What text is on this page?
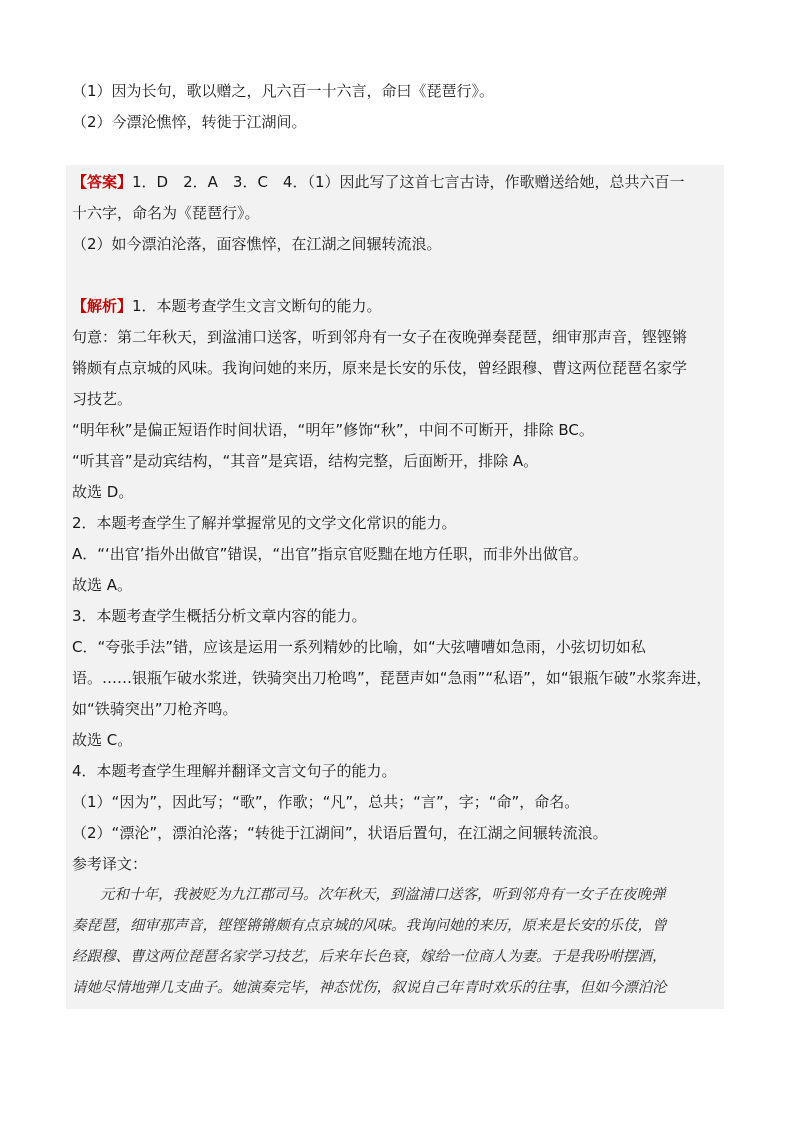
（1）因为长句，歌以赠之，凡六百一十六言，命曰《琵琶行》。
（2）今漂沦憔悴，转徙于江湖间。
【答案】1．D　2．A　3．C　4．（1）因此写了这首七言古诗，作歌赠送给她，总共六百一
十六字，命名为《琵琶行》。
（2）如今漂泊沦落，面容憔悴，在江湖之间辗转流浪。
【解析】1．本题考查学生文言文断句的能力。
句意：第二年秋天，到湓浦口送客，听到邻舟有一女子在夜晚弹奏琵琶，细审那声音，铿铿锵
锵颇有点京城的风味。我询问她的来历，原来是长安的乐伎，曾经跟穆、曹这两位琵琶名家学
习技艺。
“明年秋”是偏正短语作时间状语，“明年”修饰“秋”，中间不可断开，排除 BC。
“听其音”是动宾结构，“其音”是宾语，结构完整，后面断开，排除 A。
故选 D。
2．本题考查学生了解并掌握常见的文学文化常识的能力。
A．“‘出官’指外出做官”错误，“出官”指京官贬黜在地方任职，而非外出做官。
故选 A。
3．本题考查学生概括分析文章内容的能力。
C．“夸张手法”错，应该是运用一系列精妙的比喻，如“大弦嘈嘈如急雨，小弦切切如私
语。……银瓶乍破水浆迸，铁骑突出刀枪鸣”，琵琶声如“急雨”“私语”，如“银瓶乍破”水浆奔进，
如“铁骑突出”刀枪齐鸣。
故选 C。
4．本题考查学生理解并翻译文言文句子的能力。
（1）“因为”，因此写；“歌”，作歌；“凡”，总共；“言”，字；“命”，命名。
（2）“漂沦”，漂泊沦落；“转徙于江湖间”，状语后置句，在江湖之间辗转流浪。
参考译文：
元和十年，我被贬为九江郡司马。次年秋天，到湓浦口送客，听到邻舟有一女子在夜晚弹
奏琵琶，细审那声音，铿铿锵锵颇有点京城的风味。我询问她的来历，原来是长安的乐伎，曾
经跟穆、曹这两位琵琶名家学习技艺，后来年长色衰，嫁给一位商人为妻。于是我吩咐摆酒，
请她尽情地弹几支曲子。她演奏完毕，神态忧伤，叙说自己年青时欢乐的往事，但如今漂泊沦
